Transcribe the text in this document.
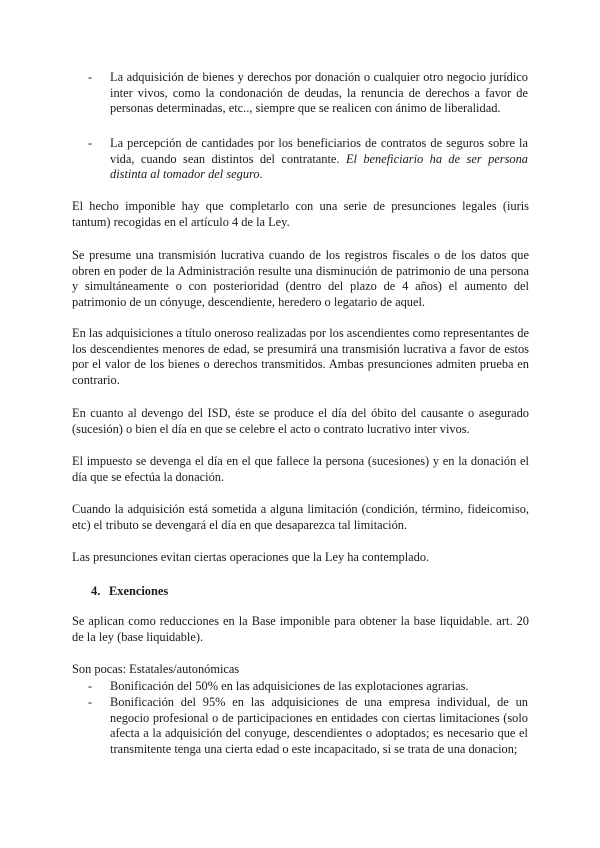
- La adquisición de bienes y derechos por donación o cualquier otro negocio jurídico inter vivos, como la condonación de deudas, la renuncia de derechos a favor de personas determinadas, etc.., siempre que se realicen con ánimo de liberalidad.
- La percepción de cantidades por los beneficiarios de contratos de seguros sobre la vida, cuando sean distintos del contratante. El beneficiario ha de ser persona distinta al tomador del seguro.

El hecho imponible hay que completarlo con una serie de presunciones legales (iuris tantum) recogidas en el artículo 4 de la Ley.

Se presume una transmisión lucrativa cuando de los registros fiscales o de los datos que obren en poder de la Administración resulte una disminución de patrimonio de una persona y simultáneamente o con posterioridad (dentro del plazo de 4 años) el aumento del patrimonio de un cónyuge, descendiente, heredero o legatario de aquel.

En las adquisiciones a título oneroso realizadas por los ascendientes como representantes de los descendientes menores de edad, se presumirá una transmisión lucrativa a favor de estos por el valor de los bienes o derechos transmitidos. Ambas presunciones admiten prueba en contrario.

En cuanto al devengo del ISD, éste se produce el día del óbito del causante o asegurado (sucesión) o bien el día en que se celebre el acto o contrato lucrativo inter vivos.

El impuesto se devenga el día en el que fallece la persona (sucesiones) y en la donación el día que se efectúa la donación.

Cuando la adquisición está sometida a alguna limitación (condición, término, fideicomiso, etc) el tributo se devengará el día en que desaparezca tal limitación.

Las presunciones evitan ciertas operaciones que la Ley ha contemplado.

4. Exenciones

Se aplican como reducciones en la Base imponible para obtener la base liquidable. art. 20 de la ley (base liquidable).

Son pocas: Estatales/autonómicas

- Bonificación del 50% en las adquisiciones de las explotaciones agrarias.
- Bonificación del 95% en las adquisiciones de una empresa individual, de un negocio profesional o de participaciones en entidades con ciertas limitaciones (solo afecta a la adquisición del conyuge, descendientes o adoptados; es necesario que el transmitente tenga una cierta edad o este incapacitado, si se trata de una donacion;
